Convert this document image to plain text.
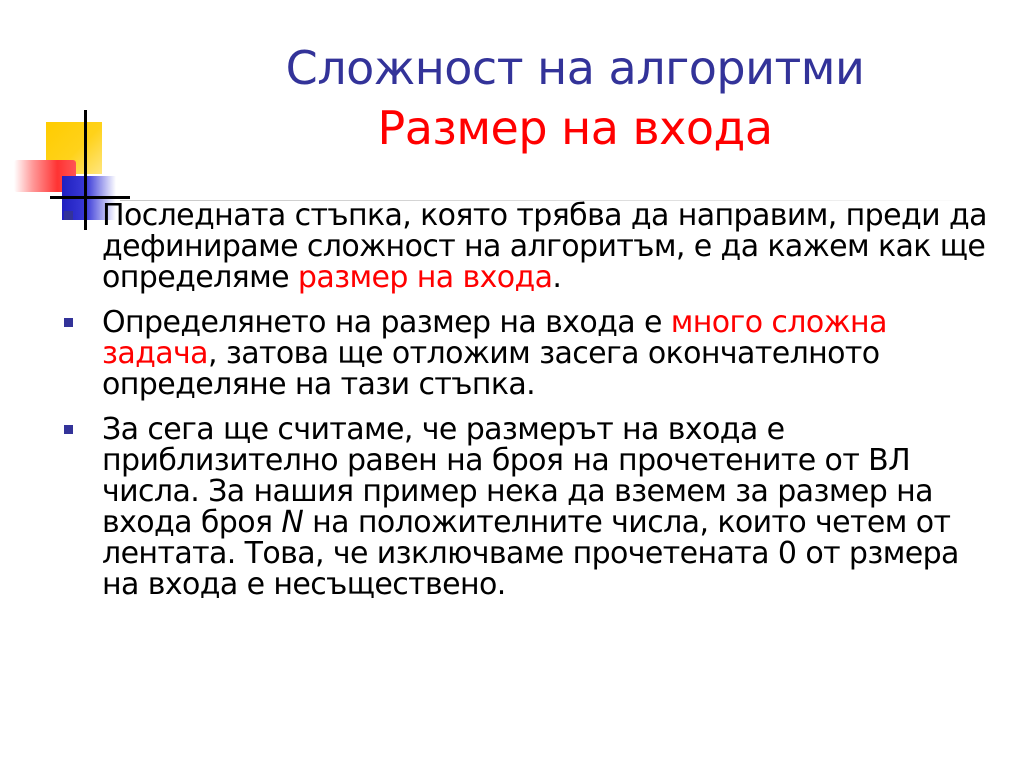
Сложност на алгоритми
Размер на входа
Последната стъпка, която трябва да направим, преди да дефинираме сложност на алгоритъм, е да кажем как ще определяме размер на входа.
Определянето на размер на входа е много сложна задача, затова ще отложим засега окончателното определяне на тази стъпка.
За сега ще считаме, че размерът на входа е приблизително равен на броя на прочетените от ВЛ числа. За нашия пример нека да вземем за размер на входа броя N на положителните числа, които четем от лентата. Това, че изключваме прочетената 0 от рзмера на входа е несъществено.
